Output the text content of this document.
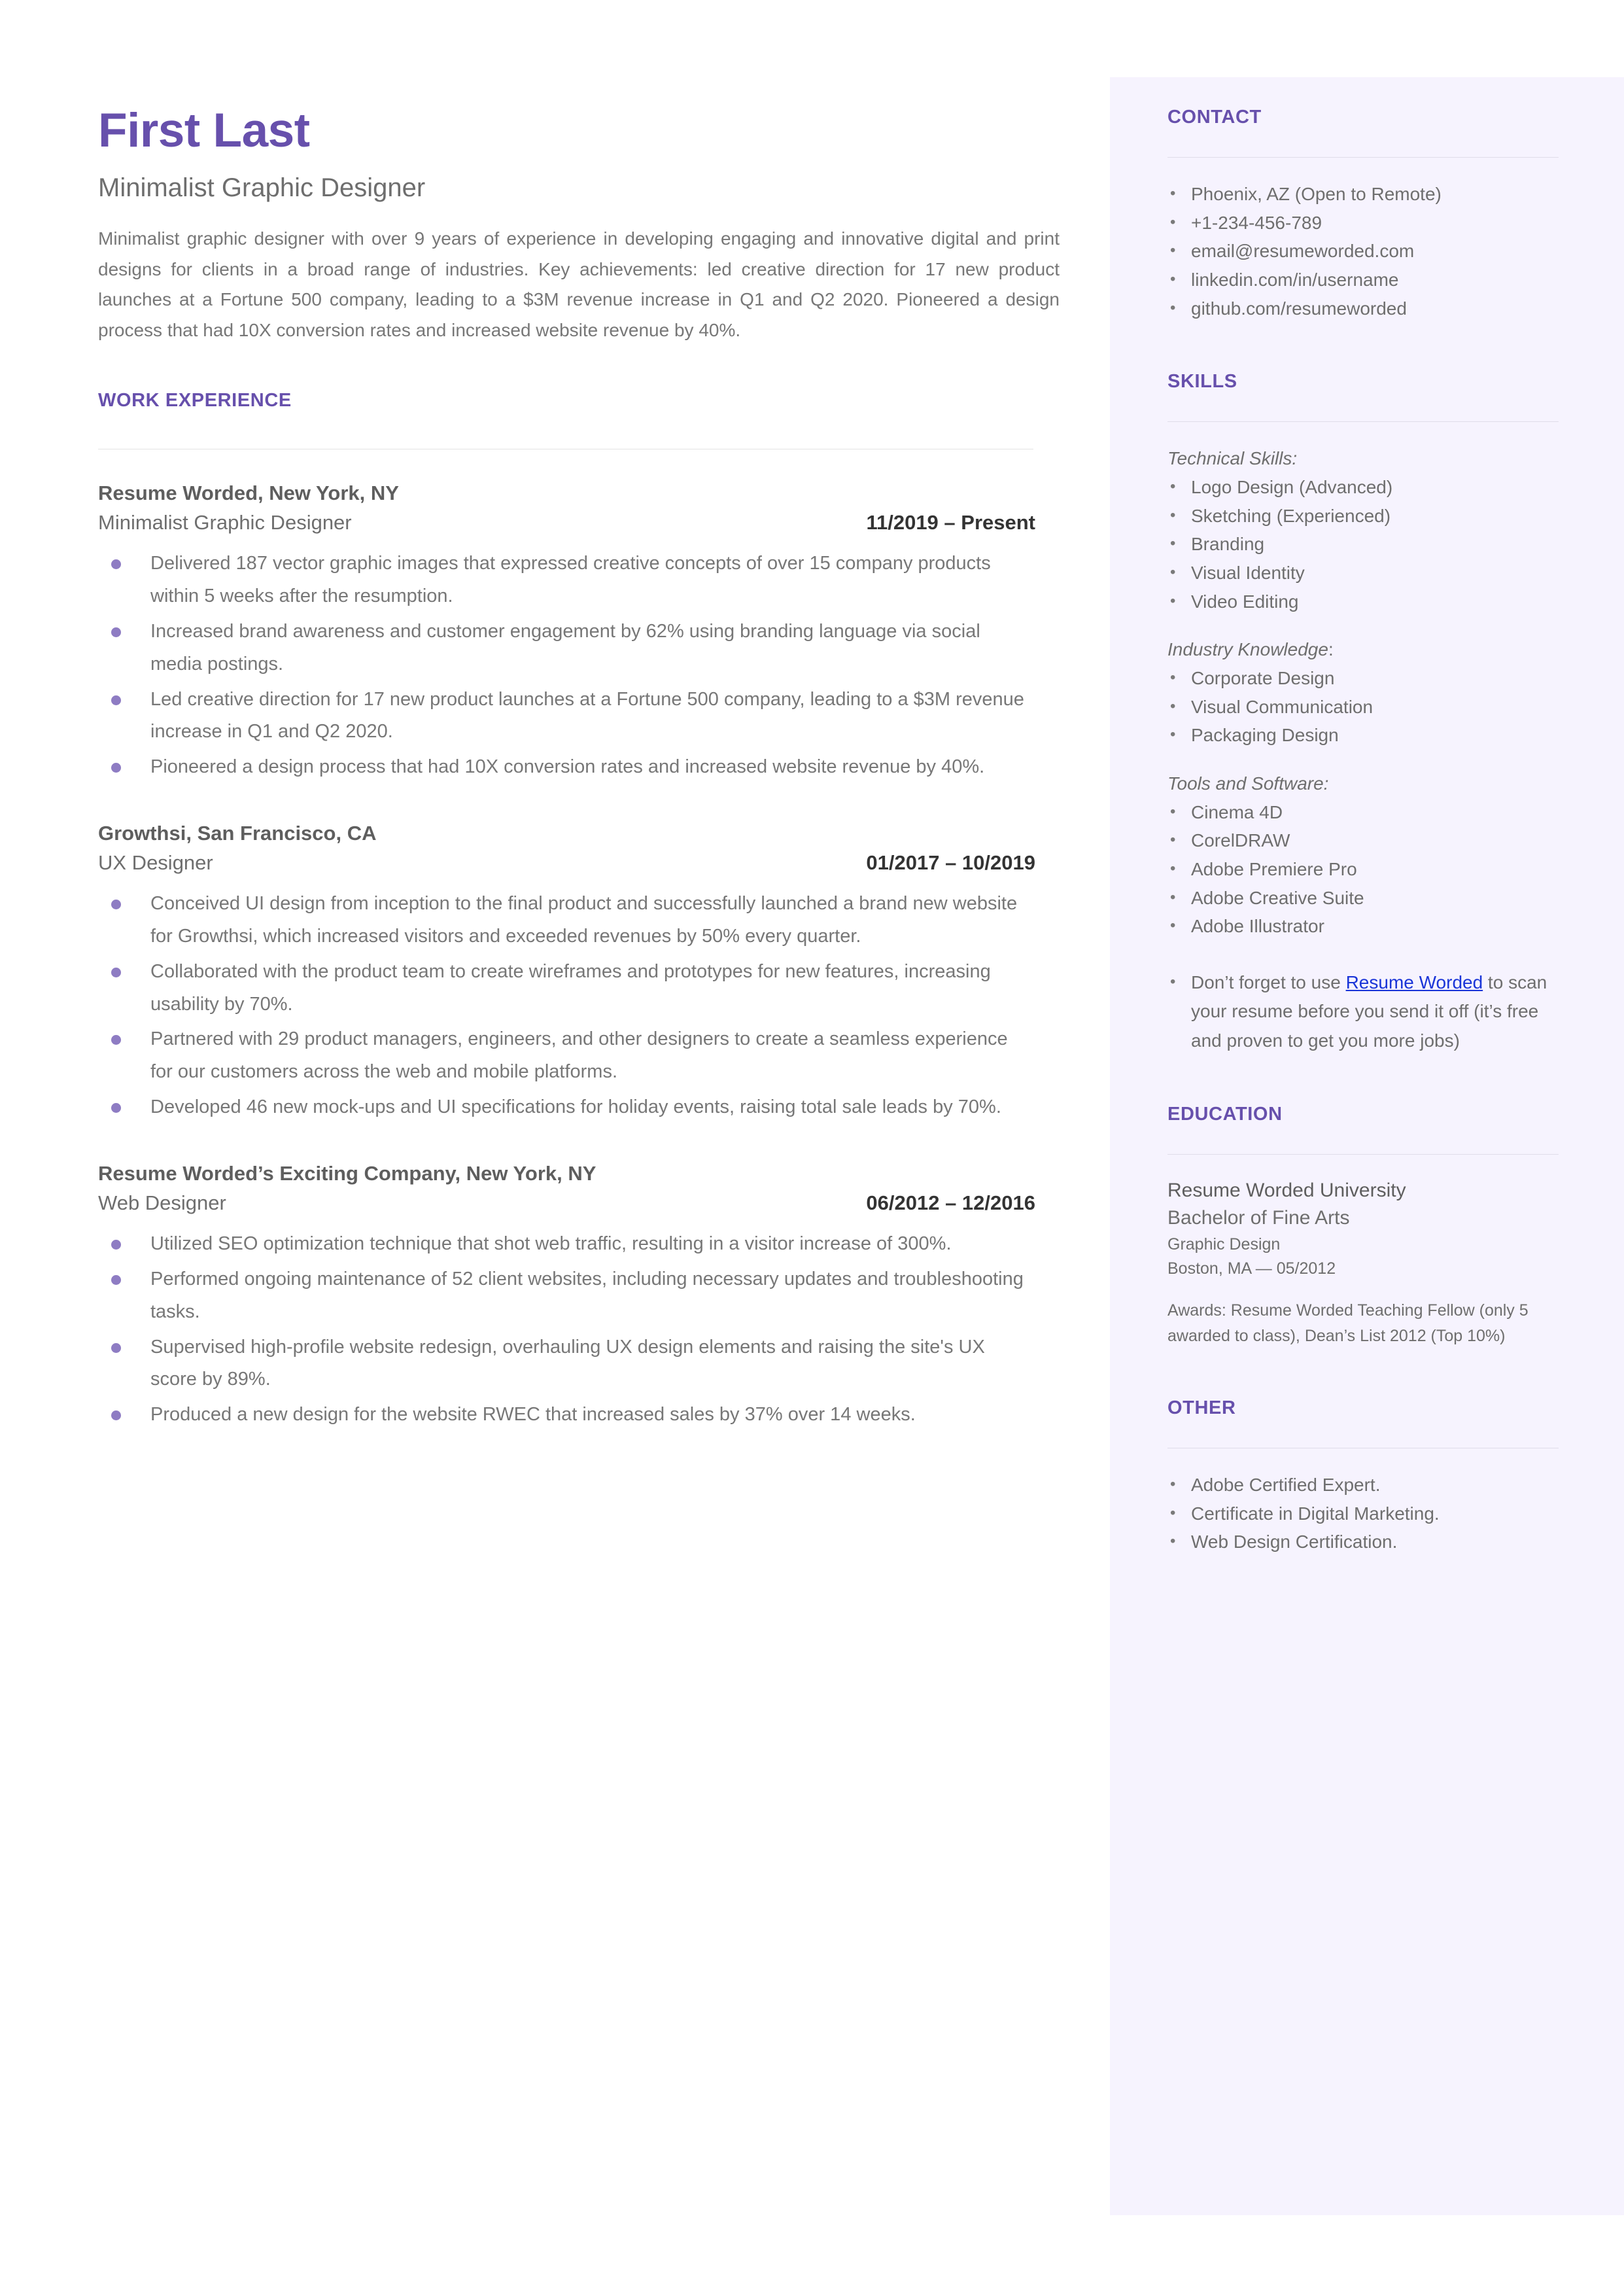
First Last
Minimalist Graphic Designer
Minimalist graphic designer with over 9 years of experience in developing engaging and innovative digital and print designs for clients in a broad range of industries. Key achievements: led creative direction for 17 new product launches at a Fortune 500 company, leading to a $3M revenue increase in Q1 and Q2 2020. Pioneered a design process that had 10X conversion rates and increased website revenue by 40%.
WORK EXPERIENCE
Resume Worded, New York, NY
Minimalist Graphic Designer	11/2019 – Present
Delivered 187 vector graphic images that expressed creative concepts of over 15 company products within 5 weeks after the resumption.
Increased brand awareness and customer engagement by 62% using branding language via social media postings.
Led creative direction for 17 new product launches at a Fortune 500 company, leading to a $3M revenue increase in Q1 and Q2 2020.
Pioneered a design process that had 10X conversion rates and increased website revenue by 40%.
Growthsi, San Francisco, CA
UX Designer	01/2017 – 10/2019
Conceived UI design from inception to the final product and successfully launched a brand new website for Growthsi, which increased visitors and exceeded revenues by 50% every quarter.
Collaborated with the product team to create wireframes and prototypes for new features, increasing usability by 70%.
Partnered with 29 product managers, engineers, and other designers to create a seamless experience for our customers across the web and mobile platforms.
Developed 46 new mock-ups and UI specifications for holiday events, raising total sale leads by 70%.
Resume Worded’s Exciting Company, New York, NY
Web Designer	06/2012 – 12/2016
Utilized SEO optimization technique that shot web traffic, resulting in a visitor increase of 300%.
Performed ongoing maintenance of 52 client websites, including necessary updates and troubleshooting tasks.
Supervised high-profile website redesign, overhauling UX design elements and raising the site's UX score by 89%.
Produced a new design for the website RWEC that increased sales by 37% over 14 weeks.
CONTACT
• Phoenix, AZ (Open to Remote)
• +1-234-456-789
• email@resumeworded.com
• linkedin.com/in/username
• github.com/resumeworded
SKILLS
Technical Skills:
• Logo Design (Advanced)
• Sketching (Experienced)
• Branding
• Visual Identity
• Video Editing
Industry Knowledge:
• Corporate Design
• Visual Communication
• Packaging Design
Tools and Software:
• Cinema 4D
• CorelDRAW
• Adobe Premiere Pro
• Adobe Creative Suite
• Adobe Illustrator
• Don’t forget to use Resume Worded to scan your resume before you send it off (it’s free and proven to get you more jobs)
EDUCATION
Resume Worded University
Bachelor of Fine Arts
Graphic Design
Boston, MA — 05/2012
Awards: Resume Worded Teaching Fellow (only 5 awarded to class), Dean’s List 2012 (Top 10%)
OTHER
• Adobe Certified Expert.
• Certificate in Digital Marketing.
• Web Design Certification.
